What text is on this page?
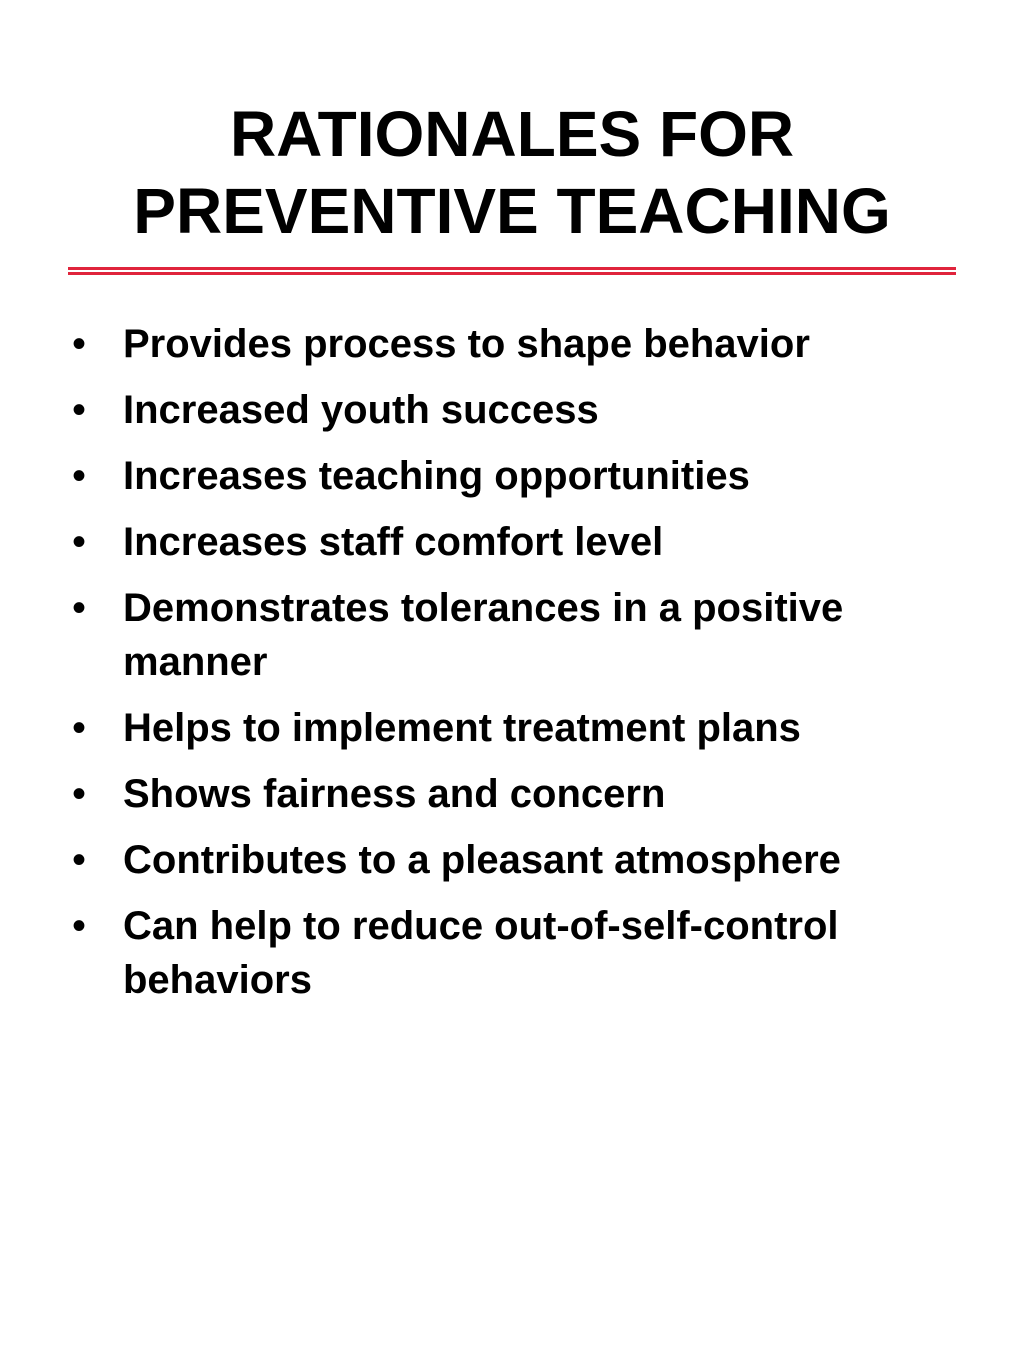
RATIONALES FOR
PREVENTIVE TEACHING
• Provides process to shape behavior
• Increased youth success
• Increases teaching opportunities
• Increases staff comfort level
• Demonstrates tolerances in a positive manner
• Helps to implement treatment plans
• Shows fairness and concern
• Contributes to a pleasant atmosphere
• Can help to reduce out-of-self-control behaviors
